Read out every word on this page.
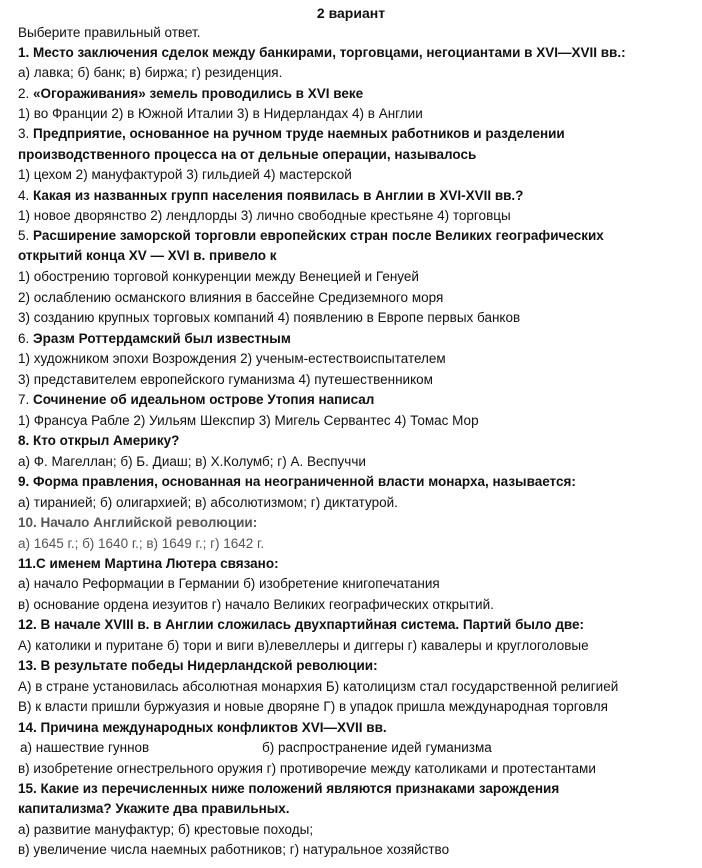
2 вариант
Выберите правильный ответ.
1. Место заключения сделок между банкирами, торговцами, негоциантами в XVI—XVII вв.:
а) лавка; б) банк; в) биржа; г) резиденция.
2. «Огораживания» земель проводились в XVI веке
1) во Франции 2) в Южной Италии 3) в Нидерландах 4) в Англии
3. Предприятие, основанное на ручном труде наемных работников и разделении
производственного процесса на от дельные операции, называлось
1) цехом 2) мануфактурой 3) гильдией 4) мастерской
4. Какая из названных групп населения появилась в Англии в XVI-XVII вв.?
1) новое дворянство 2) лендлорды 3) лично свободные крестьяне 4) торговцы
5. Расширение заморской торговли европейских стран после Великих географических
открытий конца XV — XVI в. привело к
1) обострению торговой конкуренции между Венецией и Генуей
2) ослаблению османского влияния в бассейне Средиземного моря
3) созданию крупных торговых компаний 4) появлению в Европе первых банков
6. Эразм Роттердамский был известным
1) художником эпохи Возрождения 2) ученым-естествоиспытателем
3) представителем европейского гуманизма 4) путешественником
7. Сочинение об идеальном острове Утопия написал
1) Франсуа Рабле 2) Уильям Шекспир 3) Мигель Сервантес 4) Томас Мор
8. Кто открыл Америку?
а) Ф. Магеллан; б) Б. Диаш; в) Х.Колумб; г) А. Веспуччи
9. Форма правления, основанная на неограниченной власти монарха, называется:
а) тиранией; б) олигархией; в) абсолютизмом; г) диктатурой.
10. Начало Английской революции:
а) 1645 г.; б) 1640 г.; в) 1649 г.; г) 1642 г.
11.С именем Мартина Лютера связано:
а) начало Реформации в Германии б) изобретение книгопечатания
в) основание ордена иезуитов г) начало Великих географических открытий.
12. В начале XVIII в. в Англии сложилась двухпартийная система. Партий было две:
А) католики и пуритане б) тори и виги в)левеллеры и диггеры г) кавалеры и круглоголовые
13. В результате победы Нидерландской революции:
А) в стране установилась абсолютная монархия Б) католицизм стал государственной религией
В) к власти пришли буржуазия и новые дворяне Г) в упадок пришла международная торговля
14. Причина международных конфликтов XVI—XVII вв.
а) нашествие гуннов	б) распространение идей гуманизма
в) изобретение огнестрельного оружия г) противоречие между католиками и протестантами
15. Какие из перечисленных ниже положений являются признаками зарождения
капитализма? Укажите два правильных.
а) развитие мануфактур; б) крестовые походы;
в) увеличение числа наемных работников; г) натуральное хозяйство
